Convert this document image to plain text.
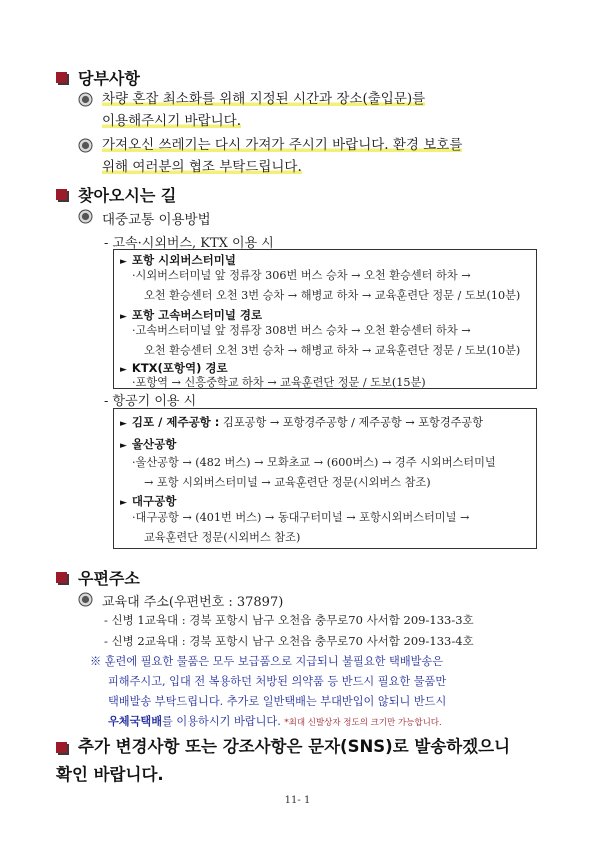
당부사항
차량 혼잡 최소화를 위해 지정된 시간과 장소(출입문)를
이용해주시기 바랍니다.
가져오신 쓰레기는 다시 가져가 주시기 바랍니다. 환경 보호를
위해 여러분의 협조 부탁드립니다.
찾아오시는 길
대중교통 이용방법
- 고속·시외버스, KTX 이용 시
► 포항 시외버스터미널
·시외버스터미널 앞 정류장 306번 버스 승차 → 오천 환승센터 하차 →
오천 환승센터 오천 3번 승차 → 해병교 하차 → 교육훈련단 정문 / 도보(10분)
► 포항 고속버스터미널 경로
·고속버스터미널 앞 정류장 308번 버스 승차 → 오천 환승센터 하차 →
오천 환승센터 오천 3번 승차 → 해병교 하차 → 교육훈련단 정문 / 도보(10분)
► KTX(포항역) 경로
·포항역 → 신흥중학교 하차 → 교육훈련단 정문 / 도보(15분)
- 항공기 이용 시
► 김포 / 제주공항 : 김포공항 → 포항경주공항 / 제주공항 → 포항경주공항
► 울산공항
·울산공항 → (482 버스) → 모화초교 → (600버스) → 경주 시외버스터미널
→ 포항 시외버스터미널 → 교육훈련단 정문(시외버스 참조)
► 대구공항
·대구공항 → (401번 버스) → 동대구터미널 → 포항시외버스터미널 →
교육훈련단 정문(시외버스 참조)
우편주소
교육대 주소(우편번호 : 37897)
- 신병 1교육대 : 경북 포항시 남구 오천읍 충무로70 사서함 209-133-3호
- 신병 2교육대 : 경북 포항시 남구 오천읍 충무로70 사서함 209-133-4호
※ 훈련에 필요한 물품은 모두 보급품으로 지급되니 불필요한 택배발송은
피해주시고, 입대 전 복용하던 처방된 의약품 등 반드시 필요한 물품만
택배발송 부탁드립니다. 추가로 일반택배는 부대반입이 않되니 반드시
우체국택배를 이용하시기 바랍니다. *최대 신발상자 정도의 크기만 가능합니다.
추가 변경사항 또는 강조사항은 문자(SNS)로 발송하겠으니
확인 바랍니다.
11- 1
